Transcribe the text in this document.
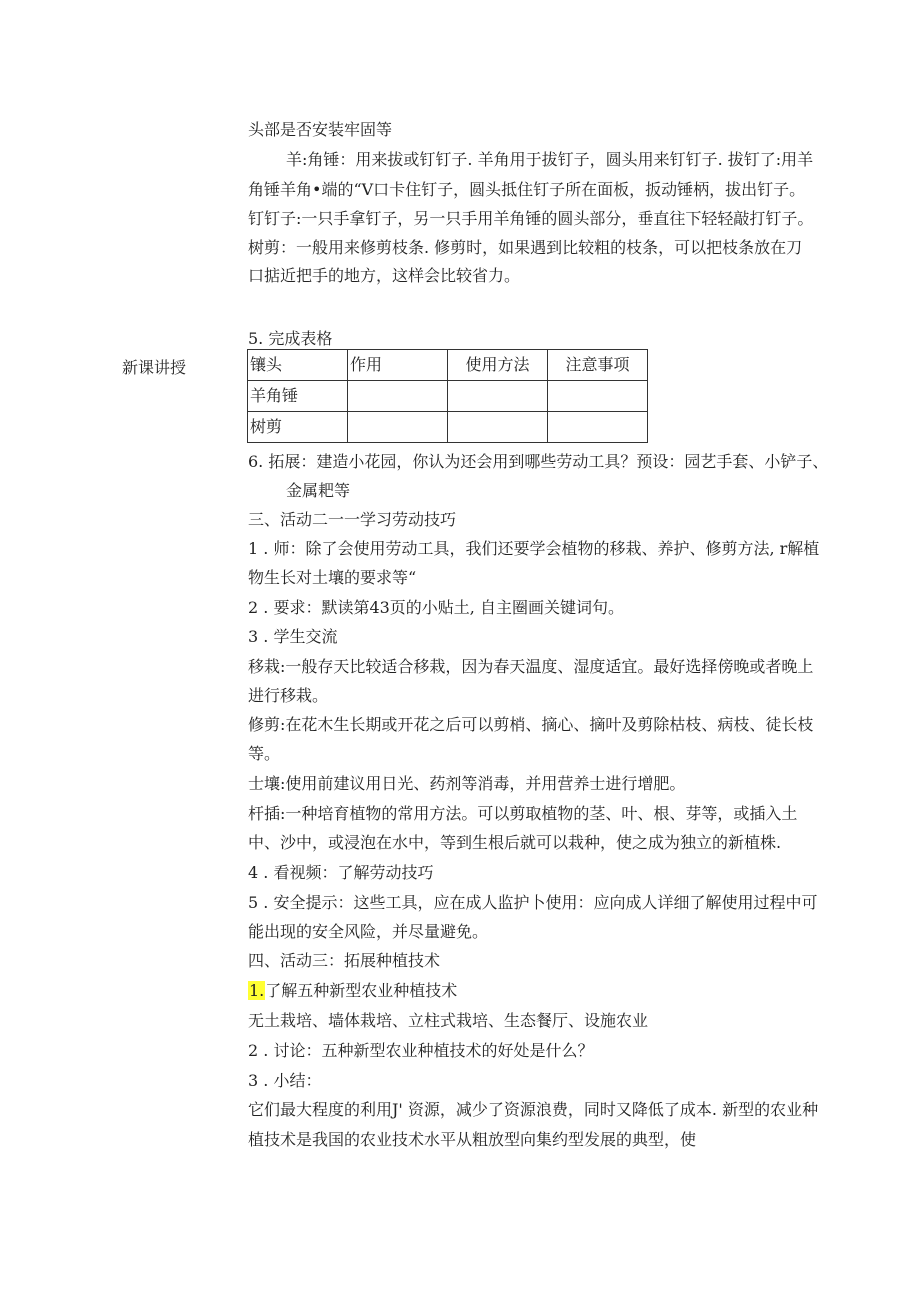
头部是否安装牢固等
羊:角锤：用来拔或钉钉子. 羊角用于拔钉子，圆头用来钉钉子. 拔钉了:用羊
角锤羊角•端的“V口卡住钉子，圆头抵住钉子所在面板，扳动锤柄，拔出钉子。
钉钉子:一只手拿钉子，另一只手用羊角锤的圆头部分，垂直往下轻轻敲打钉子。
树剪：一般用来修剪枝条. 修剪时，如果遇到比较粗的枝条，可以把枝条放在刀
口掂近把手的地方，这样会比较省力。
5. 完成表格
新课讲授	镶头	作用	使用方法	注意事项
羊角锤			
树剪			
6. 拓展：建造小花园，你认为还会用到哪些劳动工具？预设：园艺手套、小铲子、
金属耙等
三、活动二一一学习劳动技巧
1 . 师：除了会使用劳动工具，我们还要学会植物的移栽、养护、修剪方法, r解植
物生长对土壤的要求等“
2 . 要求：默读第43页的小贴土, 自主圈画关键词句。
3 . 学生交流
移栽:一般存天比较适合移栽，因为春天温度、湿度适宜。最好选择傍晚或者晚上
进行移栽。
修剪:在花木生长期或开花之后可以剪梢、摘心、摘叶及剪除枯枝、病枝、徒长枝
等。
士壤:使用前建议用日光、药剂等消毒，并用营养士进行增肥。
杆插:一种培育植物的常用方法。可以剪取植物的茎、叶、根、芽等，或插入土
中、沙中，或浸泡在水中，等到生根后就可以栽种，使之成为独立的新植株.
4 . 看视频：了解劳动技巧
5 . 安全提示：这些工具，应在成人监护卜使用：应向成人详细了解使用过程中可
能出现的安全风险，并尽量避免。
四、活动三：拓展种植技术
1.了解五种新型农业种植技术
无土栽培、墙体栽培、立柱式栽培、生态餐厅、设施农业
2 . 讨论：五种新型农业种植技术的好处是什么？
3 . 小结：
它们最大程度的利用J' 资源，减少了资源浪费，同时又降低了成本. 新型的农业种
植技术是我国的农业技术水平从粗放型向集约型发展的典型，使
